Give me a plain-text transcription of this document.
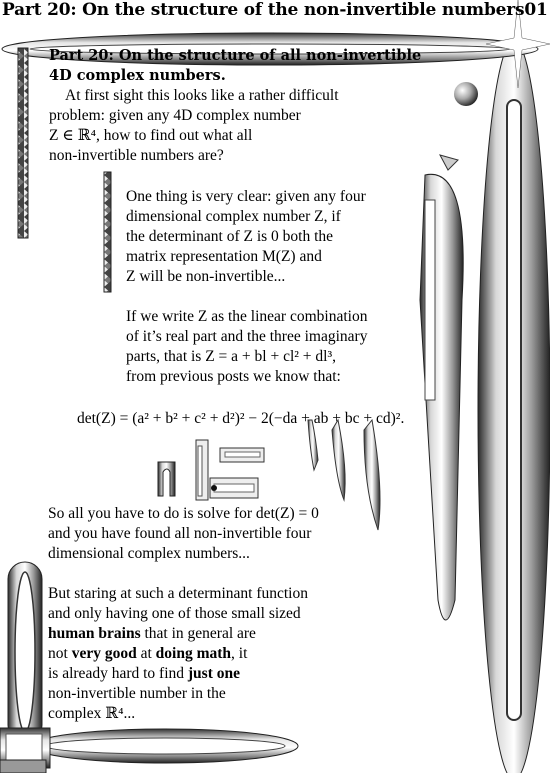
Part 20: On the structure of the non-invertible numbers01
Part 20: On the structure of all non-invertible
4D complex numbers.
At first sight this looks like a rather difficult
problem: given any 4D complex number
Z ∈ ℝ⁴, how to find out what all
non-invertible numbers are?
One thing is very clear: given any four
dimensional complex number Z, if
the determinant of Z is 0 both the
matrix representation M(Z) and
Z will be non-invertible...
If we write Z as the linear combination
of it’s real part and the three imaginary
parts, that is Z = a + bl + cl² + dl³,
from previous posts we know that:
det(Z) = (a² + b² + c² + d²)² − 2(−da + ab + bc + cd)².
So all you have to do is solve for det(Z) = 0
and you have found all non-invertible four
dimensional complex numbers...
But staring at such a determinant function
and only having one of those small sized
human brains that in general are
not very good at doing math, it
is already hard to find just one
non-invertible number in the
complex ℝ⁴...
